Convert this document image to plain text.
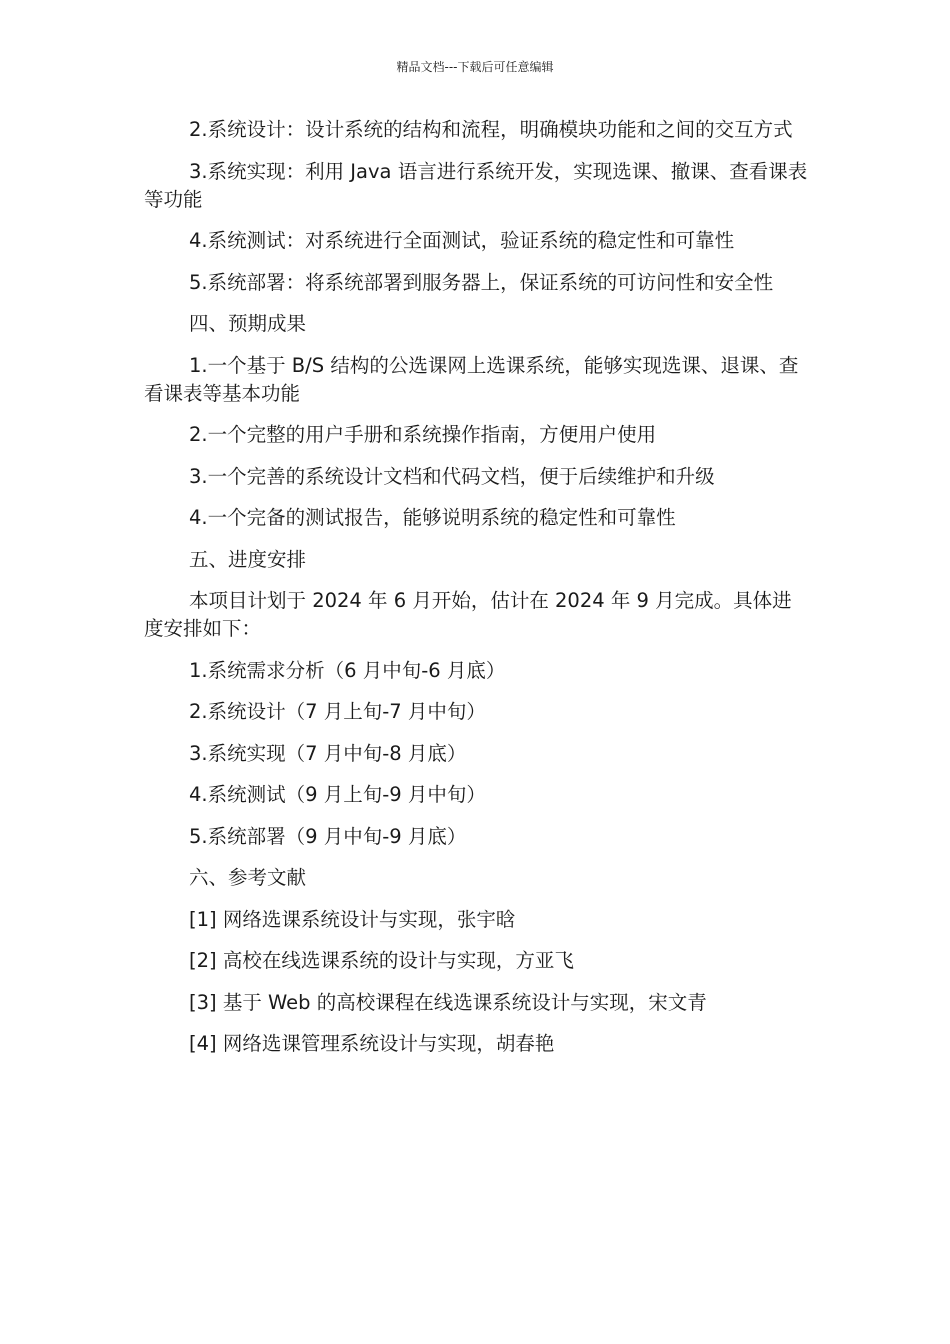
精品文档---下载后可任意编辑

2.系统设计：设计系统的结构和流程，明确模块功能和之间的交互方式

3.系统实现：利用 Java 语言进行系统开发，实现选课、撤课、查看课表等功能

4.系统测试：对系统进行全面测试，验证系统的稳定性和可靠性

5.系统部署：将系统部署到服务器上，保证系统的可访问性和安全性

四、预期成果

1.一个基于 B/S 结构的公选课网上选课系统，能够实现选课、退课、查看课表等基本功能

2.一个完整的用户手册和系统操作指南，方便用户使用

3.一个完善的系统设计文档和代码文档，便于后续维护和升级

4.一个完备的测试报告，能够说明系统的稳定性和可靠性

五、进度安排

本项目计划于 2024 年 6 月开始，估计在 2024 年 9 月完成。具体进度安排如下：

1.系统需求分析（6 月中旬-6 月底）

2.系统设计（7 月上旬-7 月中旬）

3.系统实现（7 月中旬-8 月底）

4.系统测试（9 月上旬-9 月中旬）

5.系统部署（9 月中旬-9 月底）

六、参考文献

[1] 网络选课系统设计与实现，张宇晗

[2] 高校在线选课系统的设计与实现，方亚飞

[3] 基于 Web 的高校课程在线选课系统设计与实现，宋文青

[4] 网络选课管理系统设计与实现，胡春艳
